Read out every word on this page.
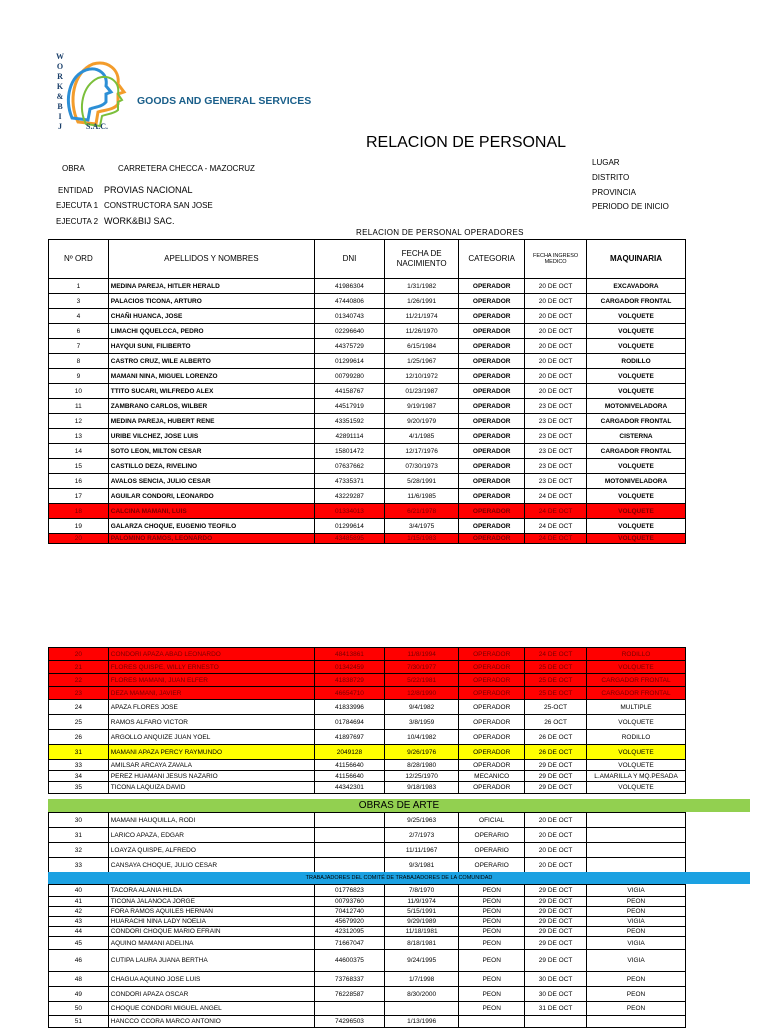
W
O
R
K
&
B
I
J	S.A.C.
GOODS AND GENERAL SERVICES
RELACION DE PERSONAL
OBRA	CARRETERA CHECCA - MAZOCRUZ
ENTIDAD PROVIAS NACIONAL
EJECUTA 1 CONSTRUCTORA SAN JOSE
EJECUTA 2 WORK&BIJ SAC.
LUGAR
DISTRITO
PROVINCIA
PERIODO DE INICIO
RELACION DE PERSONAL OPERADORES
Nº ORD	APELLIDOS Y NOMBRES	DNI	FECHA DE NACIMIENTO	CATEGORIA	FECHA INGRESO MEDICO	MAQUINARIA
1	MEDINA PAREJA, HITLER HERALD	41986304	1/31/1982	OPERADOR	20 DE OCT	EXCAVADORA
3	PALACIOS TICONA, ARTURO	47440806	1/26/1991	OPERADOR	20 DE OCT	CARGADOR FRONTAL
4	CHAÑI HUANCA, JOSE	01340743	11/21/1974	OPERADOR	20 DE OCT	VOLQUETE
6	LIMACHI QQUELCCA, PEDRO	02296640	11/26/1970	OPERADOR	20 DE OCT	VOLQUETE
7	HAYQUI SUNI, FILIBERTO	44375729	6/15/1984	OPERADOR	20 DE OCT	VOLQUETE
8	CASTRO CRUZ, WILE ALBERTO	01299614	1/25/1967	OPERADOR	20 DE OCT	RODILLO
9	MAMANI NINA, MIGUEL LORENZO	00799280	12/10/1972	OPERADOR	20 DE OCT	VOLQUETE
10	TTITO SUCARI, WILFREDO ALEX	44158767	01/23/1987	OPERADOR	20 DE OCT	VOLQUETE
11	ZAMBRANO CARLOS, WILBER	44517919	9/19/1987	OPERADOR	23 DE OCT	MOTONIVELADORA
12	MEDINA PAREJA, HUBERT RENE	43351592	9/20/1979	OPERADOR	23 DE OCT	CARGADOR FRONTAL
13	URIBE VILCHEZ, JOSE LUIS	42891114	4/1/1985	OPERADOR	23 DE OCT	CISTERNA
14	SOTO LEON, MILTON CESAR	15801472	12/17/1976	OPERADOR	23 DE OCT	CARGADOR FRONTAL
15	CASTILLO DEZA, RIVELINO	07637662	07/30/1973	OPERADOR	23 DE OCT	VOLQUETE
16	AVALOS SENCIA, JULIO CESAR	47335371	5/28/1991	OPERADOR	23 DE OCT	MOTONIVELADORA
17	AGUILAR CONDORI, LEONARDO	43229287	11/6/1985	OPERADOR	24 DE OCT	VOLQUETE
18	CALCINA MAMANI, LUIS	01334013	6/21/1978	OPERADOR	24 DE OCT	VOLQUETE
19	GALARZA CHOQUE, EUGENIO TEOFILO	01299614	3/4/1975	OPERADOR	24 DE OCT	VOLQUETE
20	PALOMINO RAMOS, LEONARDO	43485895	1/15/1983	OPERADOR	24 DE OCT	VOLQUETE
20	CONDORI APAZA ABAD LEONARDO	48413861	11/8/1994	OPERADOR	24 DE OCT	RODILLO
21	FLORES QUISPE, WILLY ERNESTO	01342459	7/30/1977	OPERADOR	25 DE OCT	VOLQUETE
22	FLORES MAMANI, JUAN ELFER	41838729	5/22/1981	OPERADOR	25 DE OCT	CARGADOR FRONTAL
23	DEZA MAMANI, JAVIER	46654710	12/8/1990	OPERADOR	25 DE OCT	CARGADOR FRONTAL
24	APAZA FLORES JOSE	41833996	9/4/1982	OPERADOR	25-OCT	MULTIPLE
25	RAMOS ALFARO VICTOR	01784694	3/8/1959	OPERADOR	26 OCT	VOLQUETE
26	ARGOLLO ANQUIZE JUAN YOEL	41897697	10/4/1982	OPERADOR	26 DE OCT	RODILLO
31	MAMANI APAZA PERCY RAYMUNDO	2049128	9/26/1976	OPERADOR	26 DE OCT	VOLQUETE
33	AMILSAR ARCAYA ZAVALA	41156640	8/28/1980	OPERADOR	29 DE OCT	VOLQUETE
34	PEREZ HUAMANI JESUS NAZARIO	41156640	12/25/1970	MECANICO	29 DE OCT	L.AMARILLA Y MQ.PESADA
35	TICONA LAQUIZA DAVID	44342301	9/18/1983	OPERADOR	29 DE OCT	VOLQUETE
OBRAS DE ARTE
30	MAMANI HAUQUILLA, RODI		9/25/1963	OFICIAL	20 DE OCT	
31	LARICO APAZA, EDGAR		2/7/1973	OPERARIO	20 DE OCT	
32	LOAYZA QUISPE, ALFREDO		11/11/1967	OPERARIO	20 DE OCT	
33	CANSAYA CHOQUE, JULIO CESAR		9/3/1981	OPERARIO	20 DE OCT	
TRABAJADORES DEL COMITÉ DE TRABAJADORES DE LA COMUNIDAD
40	TACORA ALANIA HILDA	01776823	7/8/1970	PEON	29 DE OCT	VIGIA
41	TICONA JALANOCA JORGE	00793760	11/9/1974	PEON	29 DE OCT	PEON
42	FORA RAMOS AQUILES HERNAN	70412740	5/15/1991	PEON	29 DE OCT	PEON
43	HUARACHI NINA LADY NOELIA	45679920	9/29/1989	PEON	29 DE OCT	VIGIA
44	CONDORI CHOQUE MARIO EFRAIN	42312095	11/18/1981	PEON	29 DE OCT	PEON
45	AQUINO MAMANI ADELINA	71667047	8/18/1981	PEON	29 DE OCT	VIGIA
46	CUTIPA LAURA JUANA BERTHA	44600375	9/24/1995	PEON	29 DE OCT	VIGIA
48	CHAGUA AQUINO JOSE LUIS	73768337	1/7/1998	PEON	30 DE OCT	PEON
49	CONDORI APAZA OSCAR	76228587	8/30/2000	PEON	30 DE OCT	PEON
50	CHOQUE CONDORI MIGUEL ANGEL			PEON	31 DE OCT	PEON
51	HANCCO CCORA MARCO ANTONIO	74296503	1/13/1996			
